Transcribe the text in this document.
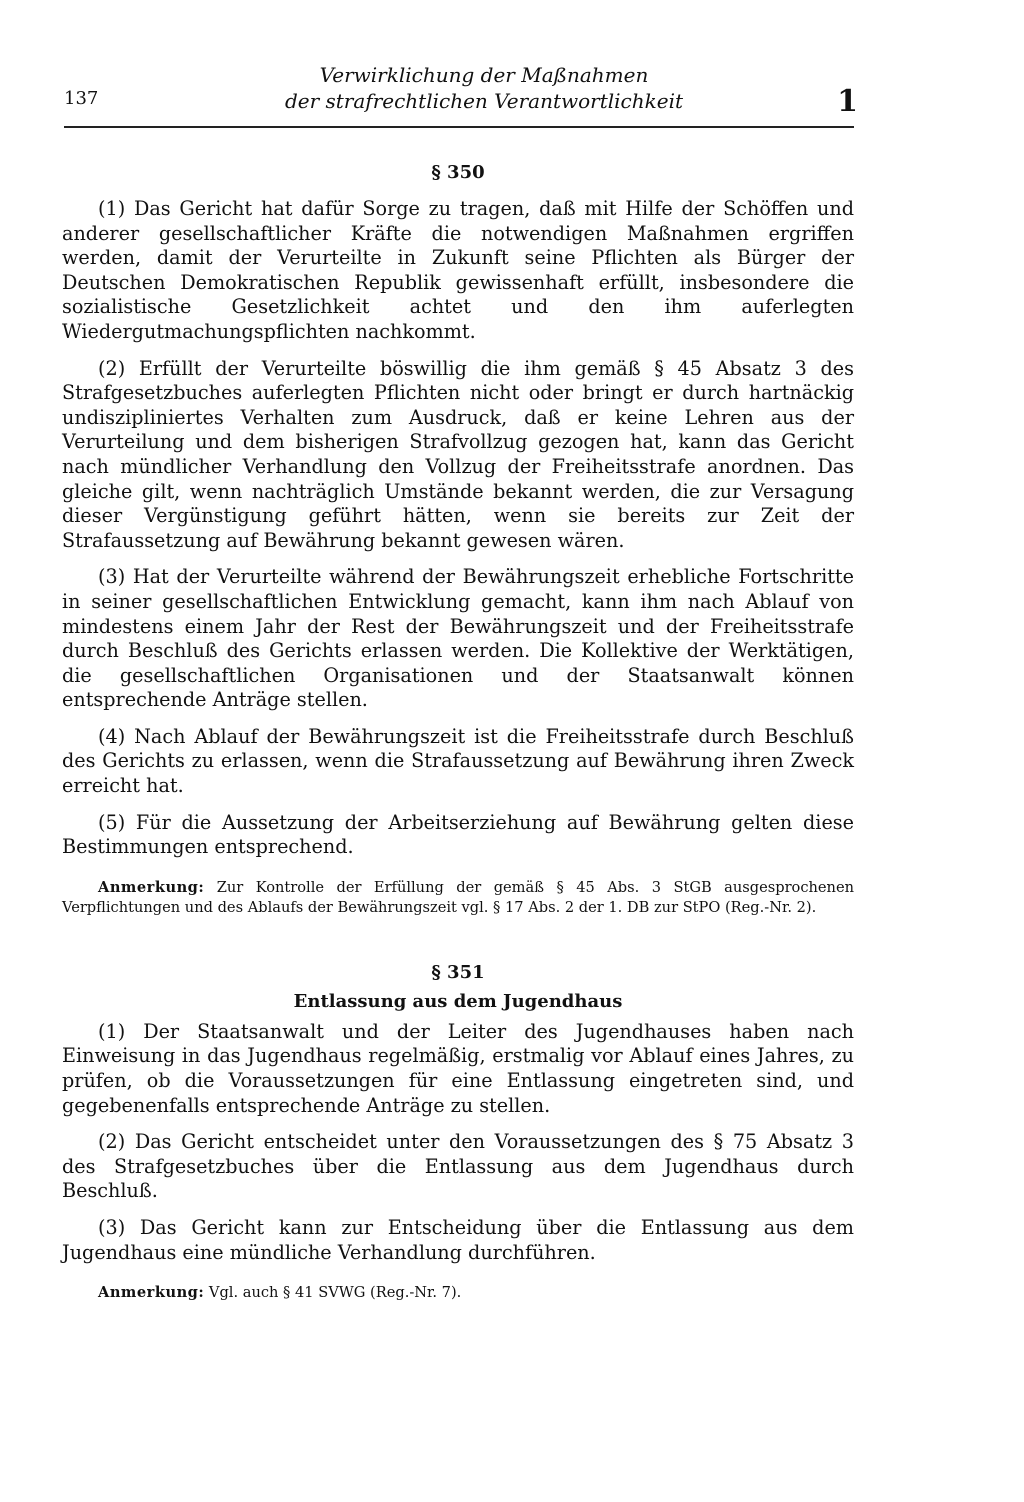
137
Verwirklichung der Maßnahmen
der strafrechtlichen Verantwortlichkeit	1
§ 350

(1) Das Gericht hat dafür Sorge zu tragen, daß mit Hilfe der Schöffen und anderer gesellschaftlicher Kräfte die notwendigen Maßnahmen ergriffen werden, damit der Verurteilte in Zukunft seine Pflichten als Bürger der Deutschen Demokratischen Republik gewissenhaft erfüllt, insbesondere die sozialistische Gesetzlichkeit achtet und den ihm auferlegten Wiedergutmachungspflichten nachkommt.

(2) Erfüllt der Verurteilte böswillig die ihm gemäß § 45 Absatz 3 des Strafgesetzbuches auferlegten Pflichten nicht oder bringt er durch hartnäckig undiszipliniertes Verhalten zum Ausdruck, daß er keine Lehren aus der Verurteilung und dem bisherigen Strafvollzug gezogen hat, kann das Gericht nach mündlicher Verhandlung den Vollzug der Freiheitsstrafe anordnen. Das gleiche gilt, wenn nachträglich Umstände bekannt werden, die zur Versagung dieser Vergünstigung geführt hätten, wenn sie bereits zur Zeit der Strafaussetzung auf Bewährung bekannt gewesen wären.

(3) Hat der Verurteilte während der Bewährungszeit erhebliche Fortschritte in seiner gesellschaftlichen Entwicklung gemacht, kann ihm nach Ablauf von mindestens einem Jahr der Rest der Bewährungszeit und der Freiheitsstrafe durch Beschluß des Gerichts erlassen werden. Die Kollektive der Werktätigen, die gesellschaftlichen Organisationen und der Staatsanwalt können entsprechende Anträge stellen.

(4) Nach Ablauf der Bewährungszeit ist die Freiheitsstrafe durch Beschluß des Gerichts zu erlassen, wenn die Strafaussetzung auf Bewährung ihren Zweck erreicht hat.

(5) Für die Aussetzung der Arbeitserziehung auf Bewährung gelten diese Bestimmungen entsprechend.

Anmerkung: Zur Kontrolle der Erfüllung der gemäß § 45 Abs. 3 StGB ausgesprochenen Verpflichtungen und des Ablaufs der Bewährungszeit vgl. § 17 Abs. 2 der 1. DB zur StPO (Reg.-Nr. 2).

§ 351
Entlassung aus dem Jugendhaus

(1) Der Staatsanwalt und der Leiter des Jugendhauses haben nach Einweisung in das Jugendhaus regelmäßig, erstmalig vor Ablauf eines Jahres, zu prüfen, ob die Voraussetzungen für eine Entlassung eingetreten sind, und gegebenenfalls entsprechende Anträge zu stellen.

(2) Das Gericht entscheidet unter den Voraussetzungen des § 75 Absatz 3 des Strafgesetzbuches über die Entlassung aus dem Jugendhaus durch Beschluß.

(3) Das Gericht kann zur Entscheidung über die Entlassung aus dem Jugendhaus eine mündliche Verhandlung durchführen.

Anmerkung: Vgl. auch § 41 SVWG (Reg.-Nr. 7).
